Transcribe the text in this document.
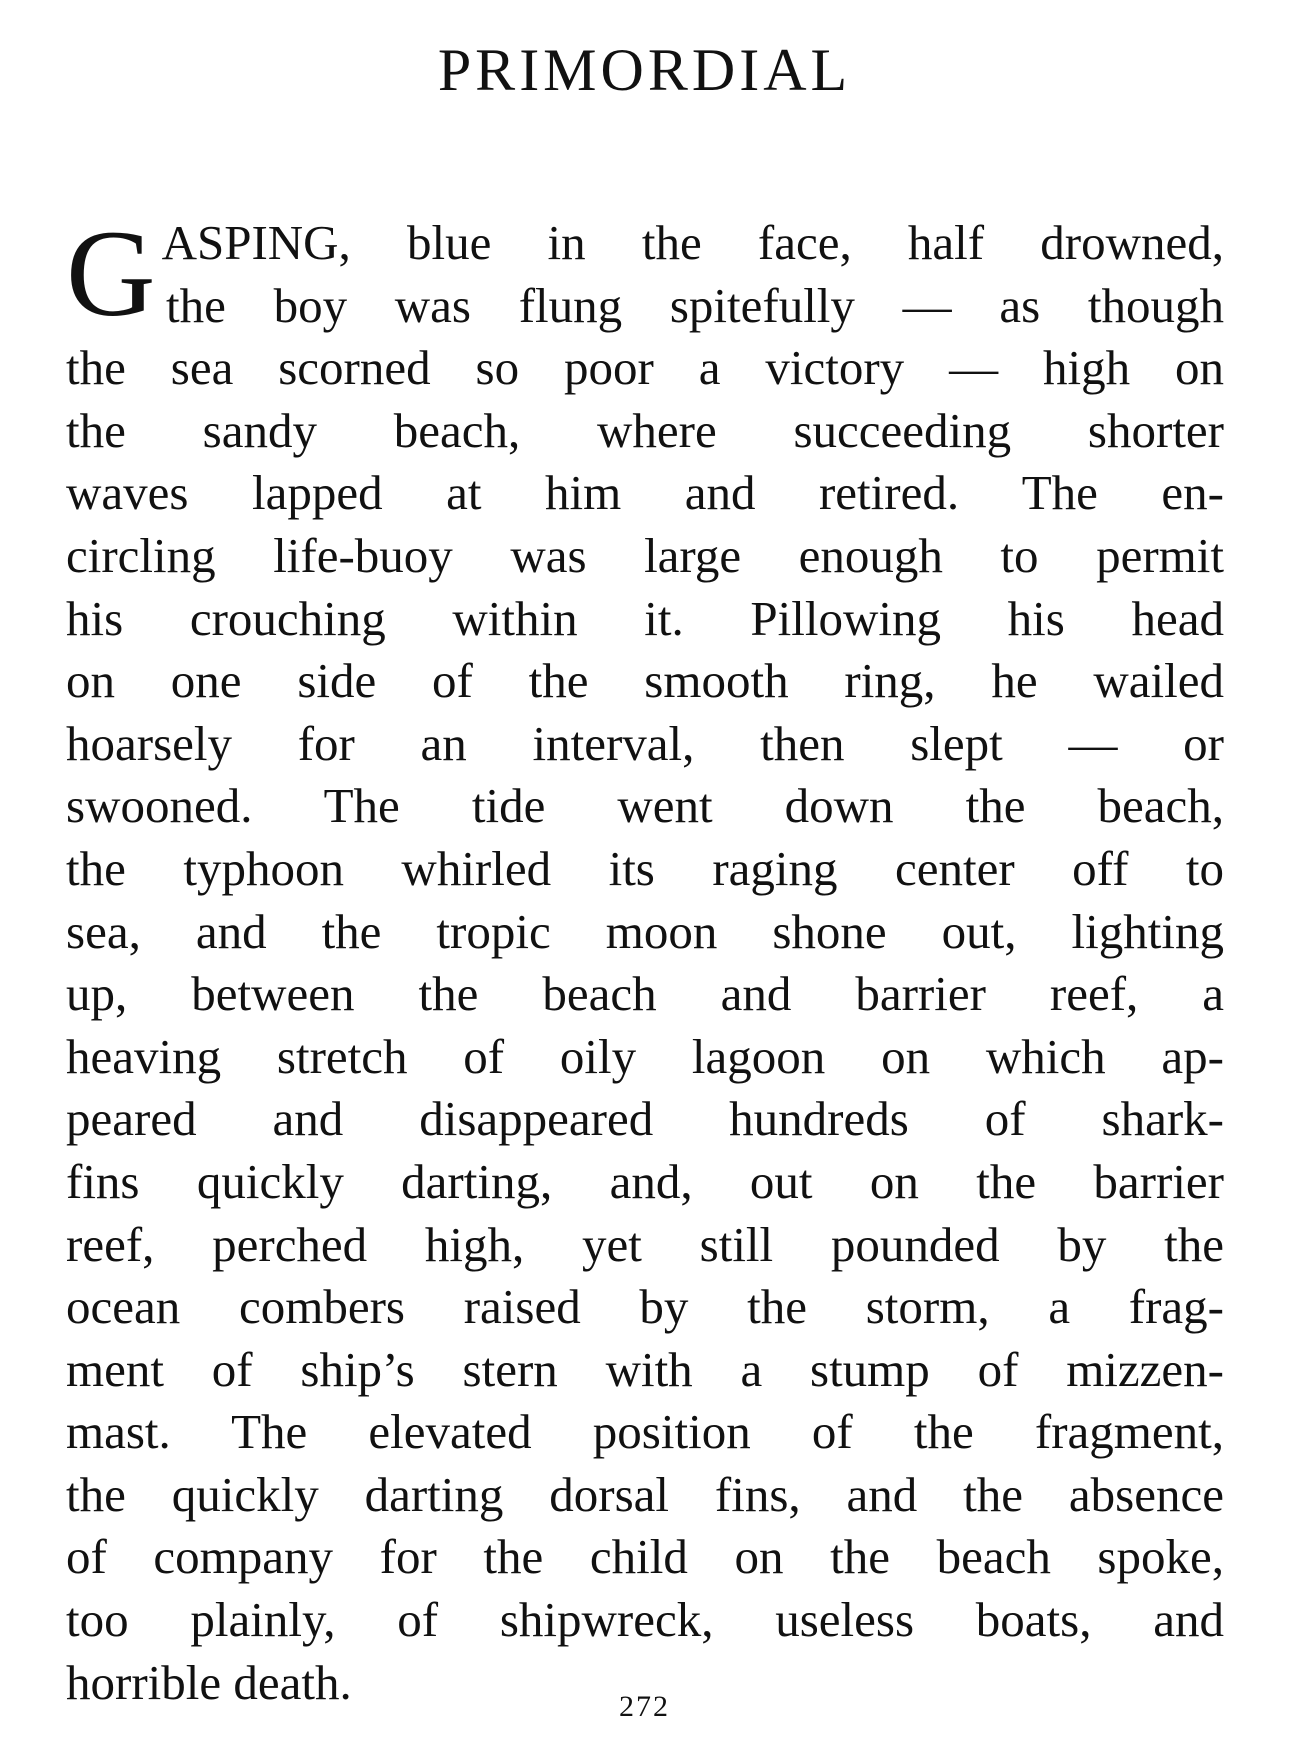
PRIMORDIAL
G ASPING, blue in the face, half drowned,
the boy was flung spitefully — as though
the sea scorned so poor a victory — high on
the sandy beach, where succeeding shorter
waves lapped at him and retired. The en-
circling life-buoy was large enough to permit
his crouching within it. Pillowing his head
on one side of the smooth ring, he wailed
hoarsely for an interval, then slept — or
swooned. The tide went down the beach,
the typhoon whirled its raging center off to
sea, and the tropic moon shone out, lighting
up, between the beach and barrier reef, a
heaving stretch of oily lagoon on which ap-
peared and disappeared hundreds of shark-
fins quickly darting, and, out on the barrier
reef, perched high, yet still pounded by the
ocean combers raised by the storm, a frag-
ment of ship’s stern with a stump of mizzen-
mast. The elevated position of the fragment,
the quickly darting dorsal fins, and the absence
of company for the child on the beach spoke,
too plainly, of shipwreck, useless boats, and
horrible death.	272
